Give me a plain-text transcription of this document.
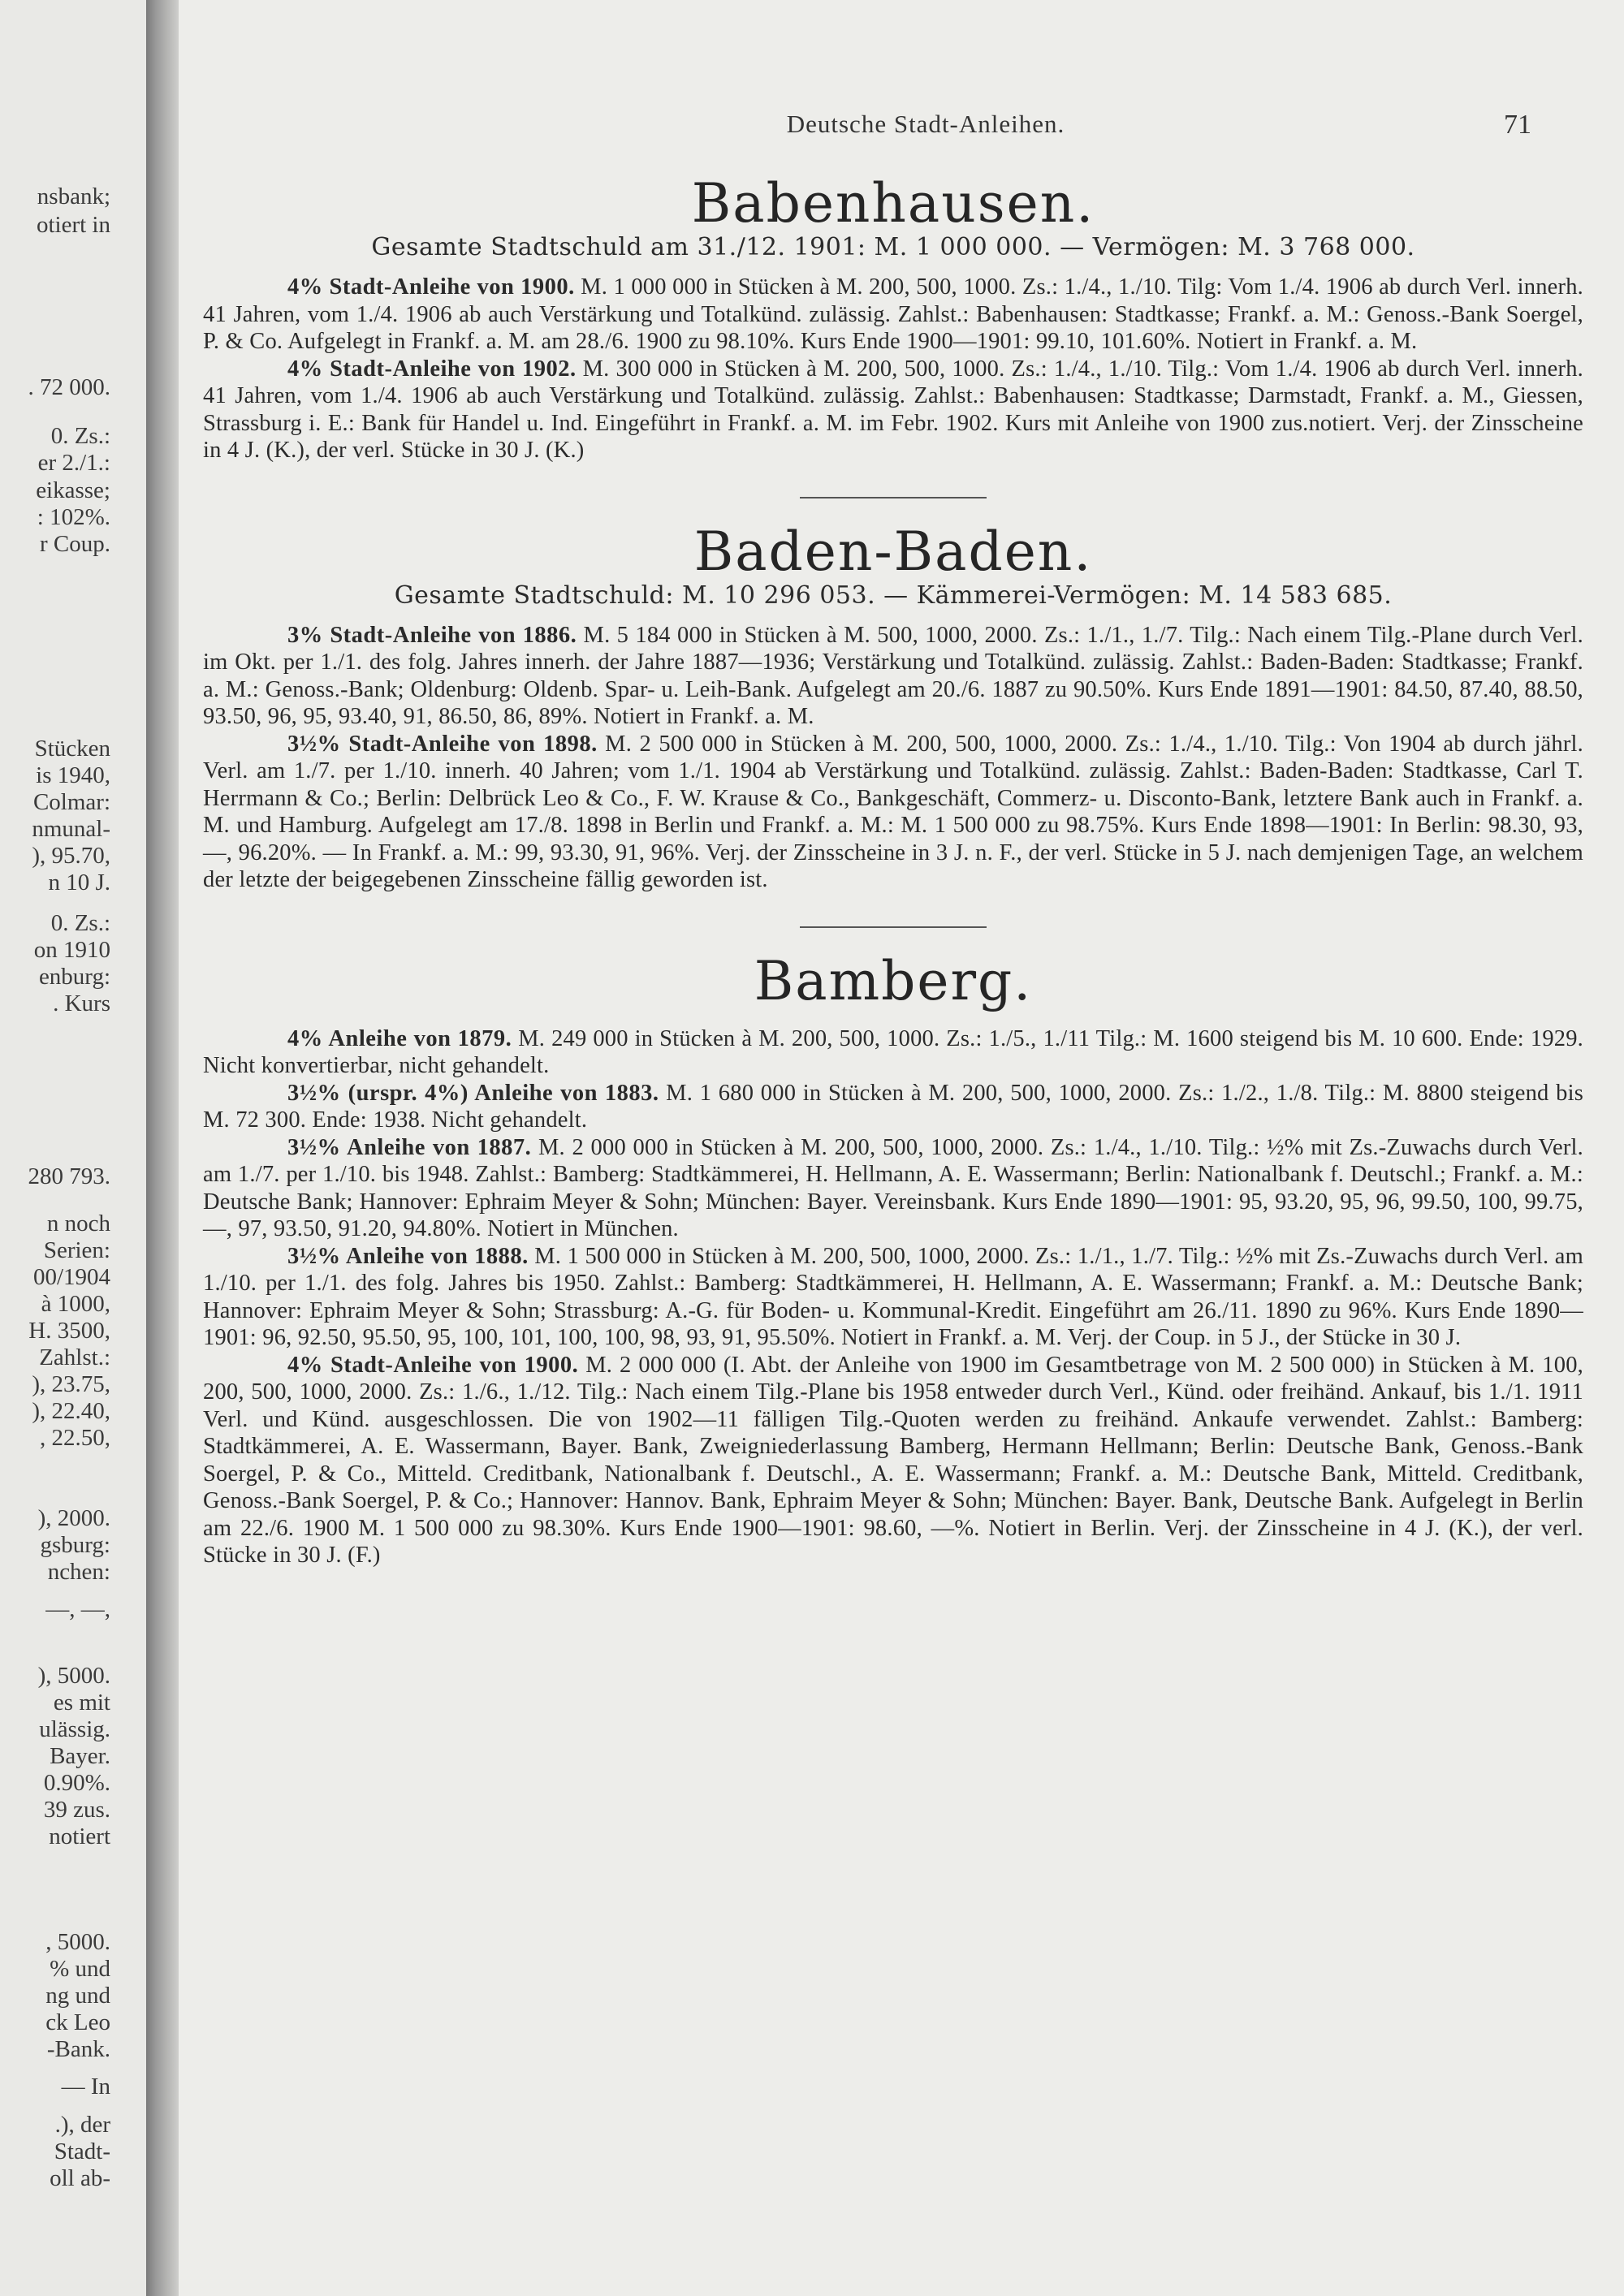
nsbank;
otiert in
. 72 000.
0. Zs.:
er 2./1.:
eikasse;
: 102%.
r Coup.
Stücken
is 1940,
Colmar:
nmunal-
), 95.70,
n 10 J.
0. Zs.:
on 1910
enburg:
. Kurs
280 793.
n noch
Serien:
00/1904
à 1000,
H. 3500,
Zahlst.:
), 23.75,
), 22.40,
, 22.50,
), 2000.
gsburg:
nchen:
—, —,
), 5000.
es mit
ulässig.
Bayer.
0.90%.
39 zus.
notiert
, 5000.
% und
ng und
ck Leo
-Bank.
— In
.), der
Stadt-
oll ab-
Deutsche Stadt-Anleihen.	71
Babenhausen.

Gesamte Stadtschuld am 31./12. 1901: M. 1 000 000. — Vermögen: M. 3 768 000.

4% Stadt-Anleihe von 1900. M. 1 000 000 in Stücken à M. 200, 500, 1000. Zs.: 1./4., 1./10. Tilg: Vom 1./4. 1906 ab durch Verl. innerh. 41 Jahren, vom 1./4. 1906 ab auch Verstärkung und Totalkünd. zulässig. Zahlst.: Babenhausen: Stadtkasse; Frankf. a. M.: Genoss.-Bank Soergel, P. & Co. Aufgelegt in Frankf. a. M. am 28./6. 1900 zu 98.10%. Kurs Ende 1900—1901: 99.10, 101.60%. Notiert in Frankf. a. M.

4% Stadt-Anleihe von 1902. M. 300 000 in Stücken à M. 200, 500, 1000. Zs.: 1./4., 1./10. Tilg.: Vom 1./4. 1906 ab durch Verl. innerh. 41 Jahren, vom 1./4. 1906 ab auch Verstärkung und Totalkünd. zulässig. Zahlst.: Babenhausen: Stadtkasse; Darmstadt, Frankf. a. M., Giessen, Strassburg i. E.: Bank für Handel u. Ind. Eingeführt in Frankf. a. M. im Febr. 1902. Kurs mit Anleihe von 1900 zus.notiert. Verj. der Zinsscheine in 4 J. (K.), der verl. Stücke in 30 J. (K.)

Baden-Baden.

Gesamte Stadtschuld: M. 10 296 053. — Kämmerei-Vermögen: M. 14 583 685.

3% Stadt-Anleihe von 1886. M. 5 184 000 in Stücken à M. 500, 1000, 2000. Zs.: 1./1., 1./7. Tilg.: Nach einem Tilg.-Plane durch Verl. im Okt. per 1./1. des folg. Jahres innerh. der Jahre 1887—1936; Verstärkung und Totalkünd. zulässig. Zahlst.: Baden-Baden: Stadtkasse; Frankf. a. M.: Genoss.-Bank; Oldenburg: Oldenb. Spar- u. Leih-Bank. Aufgelegt am 20./6. 1887 zu 90.50%. Kurs Ende 1891—1901: 84.50, 87.40, 88.50, 93.50, 96, 95, 93.40, 91, 86.50, 86, 89%. Notiert in Frankf. a. M.

3½% Stadt-Anleihe von 1898. M. 2 500 000 in Stücken à M. 200, 500, 1000, 2000. Zs.: 1./4., 1./10. Tilg.: Von 1904 ab durch jährl. Verl. am 1./7. per 1./10. innerh. 40 Jahren; vom 1./1. 1904 ab Verstärkung und Totalkünd. zulässig. Zahlst.: Baden-Baden: Stadtkasse, Carl T. Herrmann & Co.; Berlin: Delbrück Leo & Co., F. W. Krause & Co., Bankgeschäft, Commerz- u. Disconto-Bank, letztere Bank auch in Frankf. a. M. und Hamburg. Aufgelegt am 17./8. 1898 in Berlin und Frankf. a. M.: M. 1 500 000 zu 98.75%. Kurs Ende 1898—1901: In Berlin: 98.30, 93, —, 96.20%. — In Frankf. a. M.: 99, 93.30, 91, 96%. Verj. der Zinsscheine in 3 J. n. F., der verl. Stücke in 5 J. nach demjenigen Tage, an welchem der letzte der beigegebenen Zinsscheine fällig geworden ist.

Bamberg.

4% Anleihe von 1879. M. 249 000 in Stücken à M. 200, 500, 1000. Zs.: 1./5., 1./11 Tilg.: M. 1600 steigend bis M. 10 600. Ende: 1929. Nicht konvertierbar, nicht gehandelt.

3½% (urspr. 4%) Anleihe von 1883. M. 1 680 000 in Stücken à M. 200, 500, 1000, 2000. Zs.: 1./2., 1./8. Tilg.: M. 8800 steigend bis M. 72 300. Ende: 1938. Nicht gehandelt.

3½% Anleihe von 1887. M. 2 000 000 in Stücken à M. 200, 500, 1000, 2000. Zs.: 1./4., 1./10. Tilg.: ½% mit Zs.-Zuwachs durch Verl. am 1./7. per 1./10. bis 1948. Zahlst.: Bamberg: Stadtkämmerei, H. Hellmann, A. E. Wassermann; Berlin: Nationalbank f. Deutschl.; Frankf. a. M.: Deutsche Bank; Hannover: Ephraim Meyer & Sohn; München: Bayer. Vereinsbank. Kurs Ende 1890—1901: 95, 93.20, 95, 96, 99.50, 100, 99.75, —, 97, 93.50, 91.20, 94.80%. Notiert in München.

3½% Anleihe von 1888. M. 1 500 000 in Stücken à M. 200, 500, 1000, 2000. Zs.: 1./1., 1./7. Tilg.: ½% mit Zs.-Zuwachs durch Verl. am 1./10. per 1./1. des folg. Jahres bis 1950. Zahlst.: Bamberg: Stadtkämmerei, H. Hellmann, A. E. Wassermann; Frankf. a. M.: Deutsche Bank; Hannover: Ephraim Meyer & Sohn; Strassburg: A.-G. für Boden- u. Kommunal-Kredit. Eingeführt am 26./11. 1890 zu 96%. Kurs Ende 1890—1901: 96, 92.50, 95.50, 95, 100, 101, 100, 100, 98, 93, 91, 95.50%. Notiert in Frankf. a. M. Verj. der Coup. in 5 J., der Stücke in 30 J.

4% Stadt-Anleihe von 1900. M. 2 000 000 (I. Abt. der Anleihe von 1900 im Gesamtbetrage von M. 2 500 000) in Stücken à M. 100, 200, 500, 1000, 2000. Zs.: 1./6., 1./12. Tilg.: Nach einem Tilg.-Plane bis 1958 entweder durch Verl., Künd. oder freihänd. Ankauf, bis 1./1. 1911 Verl. und Künd. ausgeschlossen. Die von 1902—11 fälligen Tilg.-Quoten werden zu freihänd. Ankaufe verwendet. Zahlst.: Bamberg: Stadtkämmerei, A. E. Wassermann, Bayer. Bank, Zweigniederlassung Bamberg, Hermann Hellmann; Berlin: Deutsche Bank, Genoss.-Bank Soergel, P. & Co., Mitteld. Creditbank, Nationalbank f. Deutschl., A. E. Wassermann; Frankf. a. M.: Deutsche Bank, Mitteld. Creditbank, Genoss.-Bank Soergel, P. & Co.; Hannover: Hannov. Bank, Ephraim Meyer & Sohn; München: Bayer. Bank, Deutsche Bank. Aufgelegt in Berlin am 22./6. 1900 M. 1 500 000 zu 98.30%. Kurs Ende 1900—1901: 98.60, —%. Notiert in Berlin. Verj. der Zinsscheine in 4 J. (K.), der verl. Stücke in 30 J. (F.)
